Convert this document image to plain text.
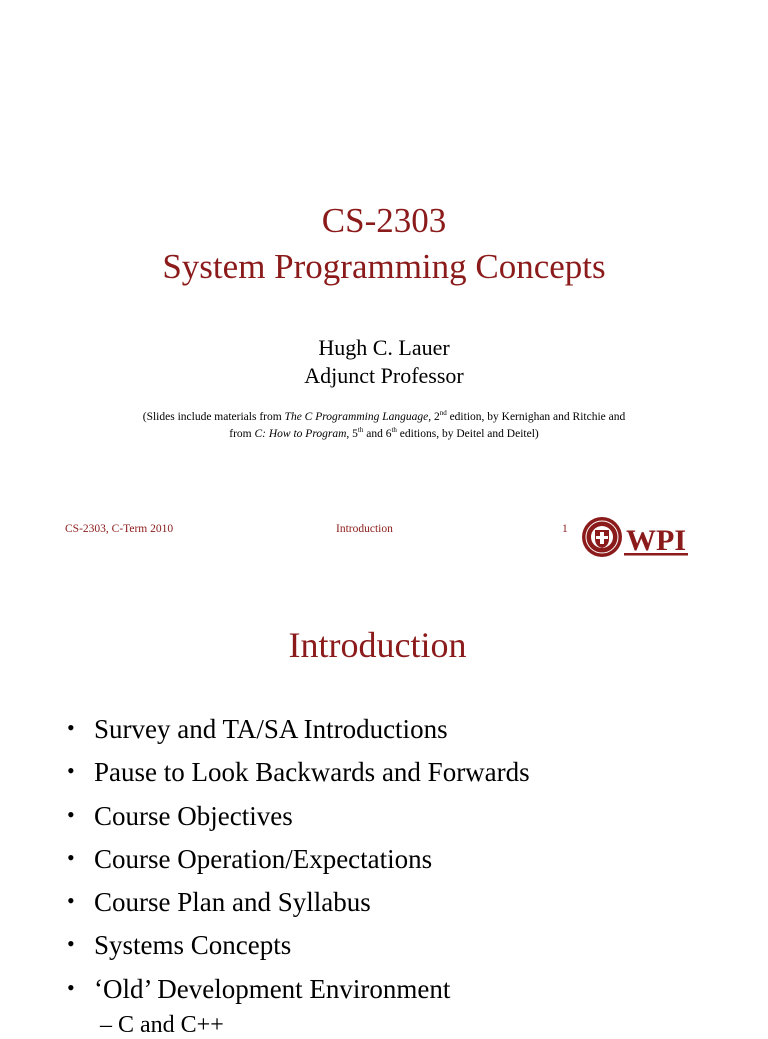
CS-2303
System Programming Concepts
Hugh C. Lauer
Adjunct Professor
(Slides include materials from The C Programming Language, 2nd edition, by Kernighan and Ritchie and
from C: How to Program, 5th and 6th editions, by Deitel and Deitel)
CS-2303, C-Term 2010	Introduction	1 WPI
Introduction
• Survey and TA/SA Introductions
• Pause to Look Backwards and Forwards
• Course Objectives
• Course Operation/Expectations
• Course Plan and Syllabus
• Systems Concepts
• ‘Old’ Development Environment
– C and C++
